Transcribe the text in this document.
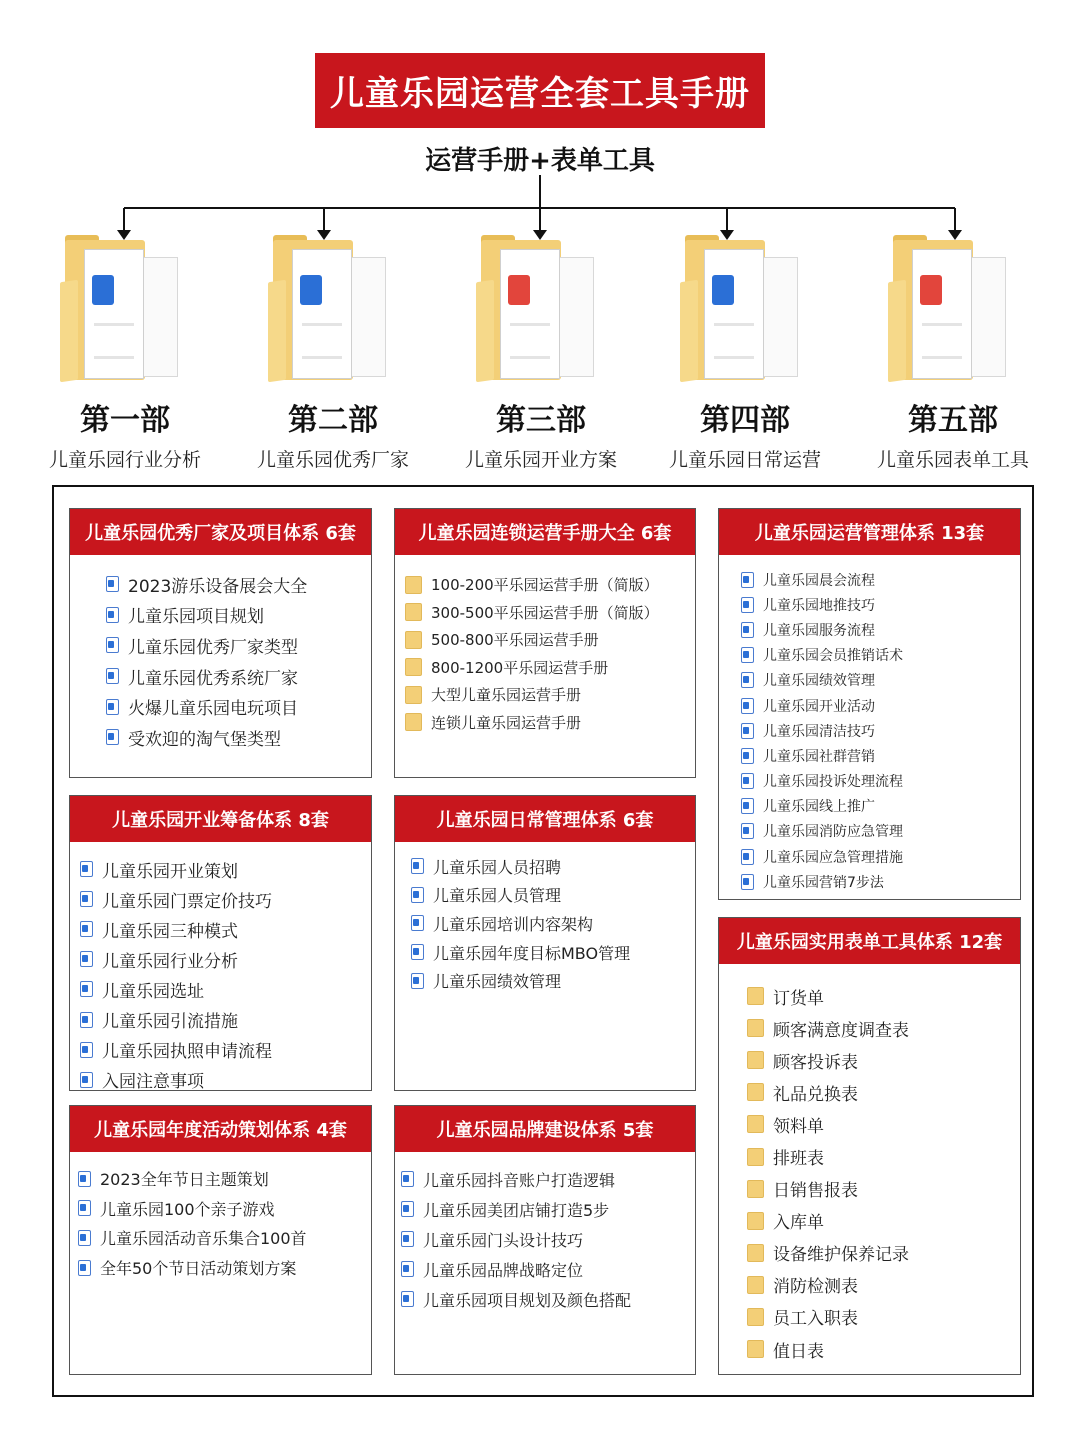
儿童乐园运营全套工具手册
运营手册+表单工具
第一部
儿童乐园行业分析
第二部
儿童乐园优秀厂家
第三部
儿童乐园开业方案
第四部
儿童乐园日常运营
第五部
儿童乐园表单工具
儿童乐园优秀厂家及项目体系 6套
2023游乐设备展会大全
儿童乐园项目规划
儿童乐园优秀厂家类型
儿童乐园优秀系统厂家
火爆儿童乐园电玩项目
受欢迎的淘气堡类型
儿童乐园连锁运营手册大全 6套
100-200平乐园运营手册（简版）
300-500平乐园运营手册（简版）
500-800平乐园运营手册
800-1200平乐园运营手册
大型儿童乐园运营手册
连锁儿童乐园运营手册
儿童乐园运营管理体系 13套
儿童乐园晨会流程
儿童乐园地推技巧
儿童乐园服务流程
儿童乐园会员推销话术
儿童乐园绩效管理
儿童乐园开业活动
儿童乐园清洁技巧
儿童乐园社群营销
儿童乐园投诉处理流程
儿童乐园线上推广
儿童乐园消防应急管理
儿童乐园应急管理措施
儿童乐园营销7步法
儿童乐园开业筹备体系 8套
儿童乐园开业策划
儿童乐园门票定价技巧
儿童乐园三种模式
儿童乐园行业分析
儿童乐园选址
儿童乐园引流措施
儿童乐园执照申请流程
入园注意事项
儿童乐园日常管理体系 6套
儿童乐园人员招聘
儿童乐园人员管理
儿童乐园培训内容架构
儿童乐园年度目标MBO管理
儿童乐园绩效管理
儿童乐园实用表单工具体系 12套
订货单
顾客满意度调查表
顾客投诉表
礼品兑换表
领料单
排班表
日销售报表
入库单
设备维护保养记录
消防检测表
员工入职表
值日表
儿童乐园年度活动策划体系 4套
2023全年节日主题策划
儿童乐园100个亲子游戏
儿童乐园活动音乐集合100首
全年50个节日活动策划方案
儿童乐园品牌建设体系 5套
儿童乐园抖音账户打造逻辑
儿童乐园美团店铺打造5步
儿童乐园门头设计技巧
儿童乐园品牌战略定位
儿童乐园项目规划及颜色搭配
